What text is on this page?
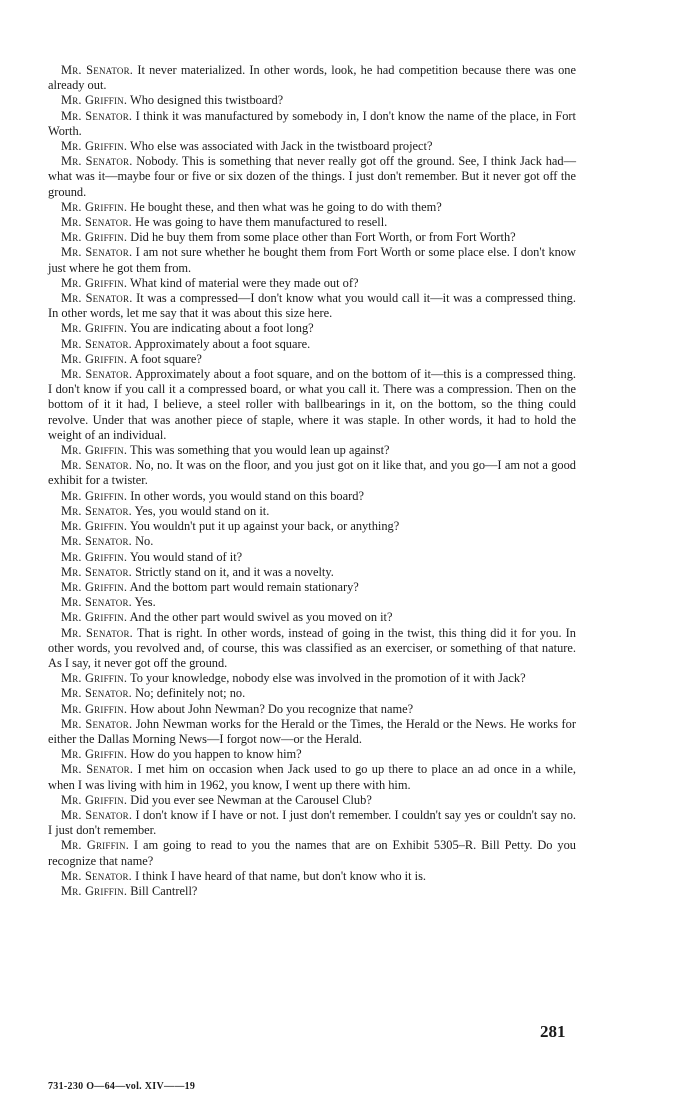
Mr. Senator. It never materialized. In other words, look, he had competition because there was one already out.

Mr. Griffin. Who designed this twistboard?

Mr. Senator. I think it was manufactured by somebody in, I don't know the name of the place, in Fort Worth.

Mr. Griffin. Who else was associated with Jack in the twistboard project?

Mr. Senator. Nobody. This is something that never really got off the ground. See, I think Jack had—what was it—maybe four or five or six dozen of the things. I just don't remember. But it never got off the ground.

Mr. Griffin. He bought these, and then what was he going to do with them?

Mr. Senator. He was going to have them manufactured to resell.

Mr. Griffin. Did he buy them from some place other than Fort Worth, or from Fort Worth?

Mr. Senator. I am not sure whether he bought them from Fort Worth or some place else. I don't know just where he got them from.

Mr. Griffin. What kind of material were they made out of?

Mr. Senator. It was a compressed—I don't know what you would call it—it was a compressed thing. In other words, let me say that it was about this size here.

Mr. Griffin. You are indicating about a foot long?

Mr. Senator. Approximately about a foot square.

Mr. Griffin. A foot square?

Mr. Senator. Approximately about a foot square, and on the bottom of it—this is a compressed thing. I don't know if you call it a compressed board, or what you call it. There was a compression. Then on the bottom of it it had, I believe, a steel roller with ballbearings in it, on the bottom, so the thing could revolve. Under that was another piece of staple, where it was staple. In other words, it had to hold the weight of an individual.

Mr. Griffin. This was something that you would lean up against?

Mr. Senator. No, no. It was on the floor, and you just got on it like that, and you go—I am not a good exhibit for a twister.

Mr. Griffin. In other words, you would stand on this board?

Mr. Senator. Yes, you would stand on it.

Mr. Griffin. You wouldn't put it up against your back, or anything?

Mr. Senator. No.

Mr. Griffin. You would stand of it?

Mr. Senator. Strictly stand on it, and it was a novelty.

Mr. Griffin. And the bottom part would remain stationary?

Mr. Senator. Yes.

Mr. Griffin. And the other part would swivel as you moved on it?

Mr. Senator. That is right. In other words, instead of going in the twist, this thing did it for you. In other words, you revolved and, of course, this was classified as an exerciser, or something of that nature. As I say, it never got off the ground.

Mr. Griffin. To your knowledge, nobody else was involved in the promotion of it with Jack?

Mr. Senator. No; definitely not; no.

Mr. Griffin. How about John Newman? Do you recognize that name?

Mr. Senator. John Newman works for the Herald or the Times, the Herald or the News. He works for either the Dallas Morning News—I forgot now—or the Herald.

Mr. Griffin. How do you happen to know him?

Mr. Senator. I met him on occasion when Jack used to go up there to place an ad once in a while, when I was living with him in 1962, you know, I went up there with him.

Mr. Griffin. Did you ever see Newman at the Carousel Club?

Mr. Senator. I don't know if I have or not. I just don't remember. I couldn't say yes or couldn't say no. I just don't remember.

Mr. Griffin. I am going to read to you the names that are on Exhibit 5305–R. Bill Petty. Do you recognize that name?

Mr. Senator. I think I have heard of that name, but don't know who it is.

Mr. Griffin. Bill Cantrell?

281
731-230 O—64—vol. XIV——19
